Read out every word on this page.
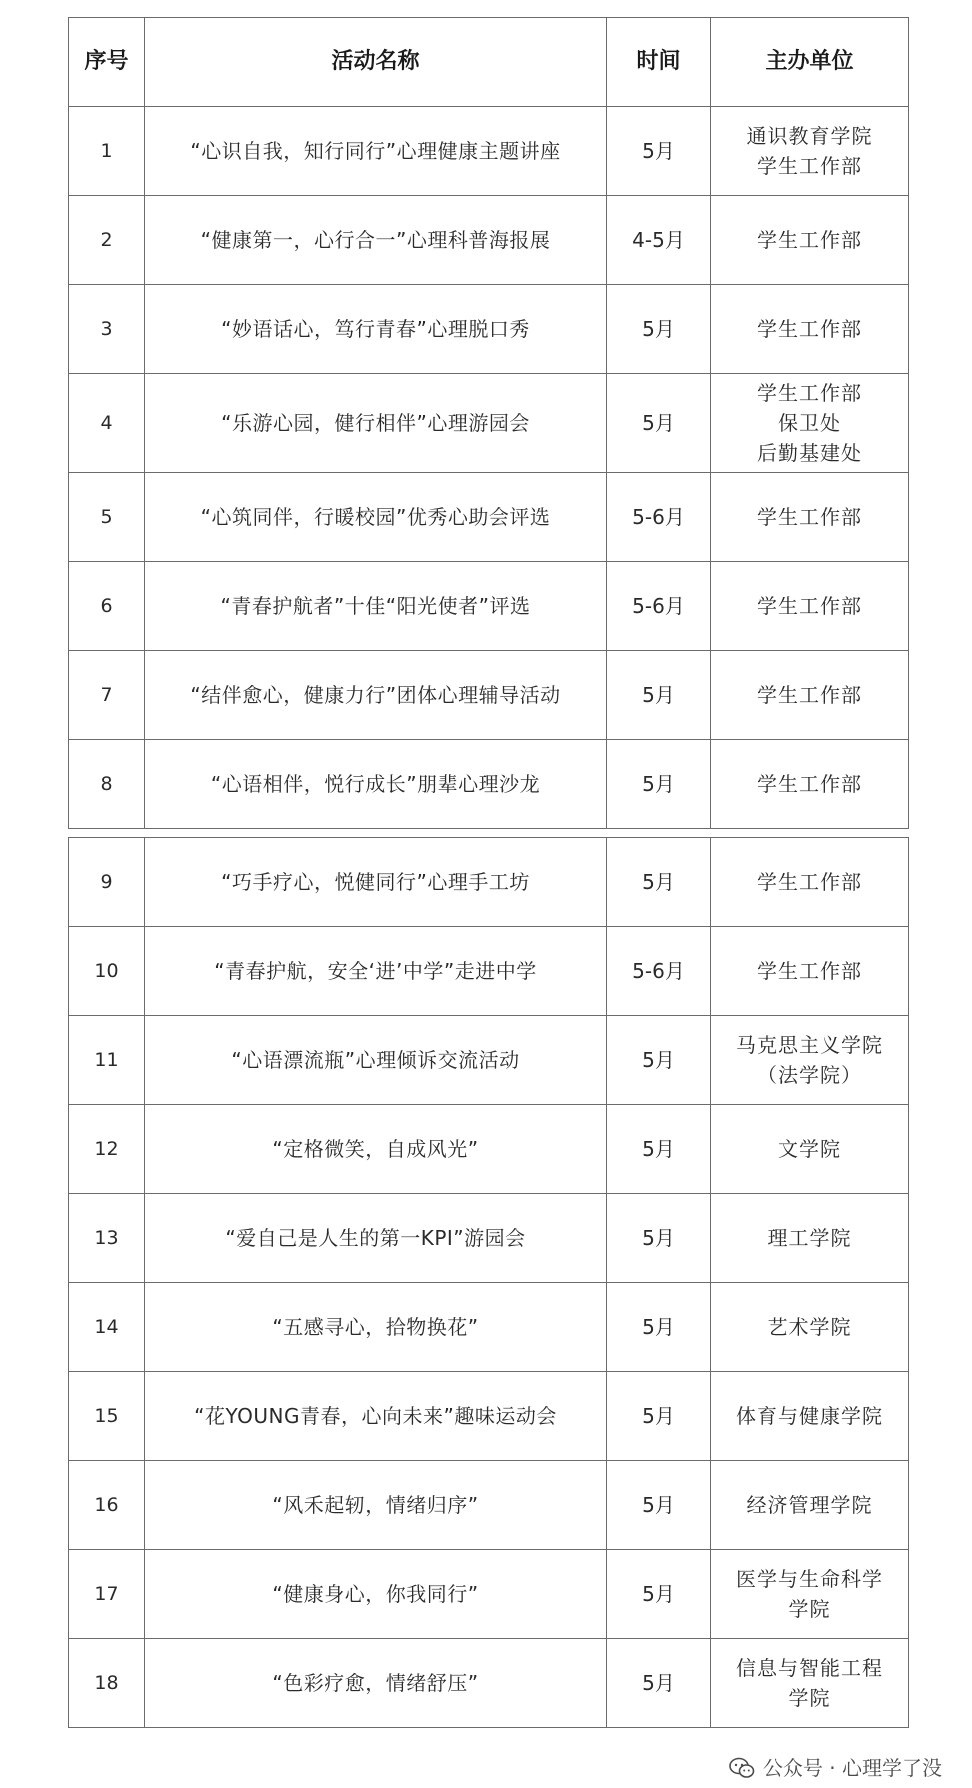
序号	活动名称	时间	主办单位
1	“心识自我，知行同行”心理健康主题讲座	5月	通识教育学院
学生工作部
2	“健康第一，心行合一”心理科普海报展	4-5月	学生工作部
3	“妙语话心，笃行青春”心理脱口秀	5月	学生工作部
4	“乐游心园，健行相伴”心理游园会	5月	学生工作部
保卫处
后勤基建处
5	“心筑同伴，行暖校园”优秀心助会评选	5-6月	学生工作部
6	“青春护航者”十佳“阳光使者”评选	5-6月	学生工作部
7	“结伴愈心，健康力行”团体心理辅导活动	5月	学生工作部
8	“心语相伴，悦行成长”朋辈心理沙龙	5月	学生工作部

9	“巧手疗心，悦健同行”心理手工坊	5月	学生工作部
10	“青春护航，安全‘进’中学”走进中学	5-6月	学生工作部
11	“心语漂流瓶”心理倾诉交流活动	5月	马克思主义学院
（法学院）
12	“定格微笑，自成风光”	5月	文学院
13	“爱自己是人生的第一KPI”游园会	5月	理工学院
14	“五感寻心，拾物换花”	5月	艺术学院
15	“花YOUNG青春，心向未来”趣味运动会	5月	体育与健康学院
16	“风禾起轫，情绪归序”	5月	经济管理学院
17	“健康身心，你我同行”	5月	医学与生命科学
学院
18	“色彩疗愈，情绪舒压”	5月	信息与智能工程
学院
公众号 · 心理学了没
